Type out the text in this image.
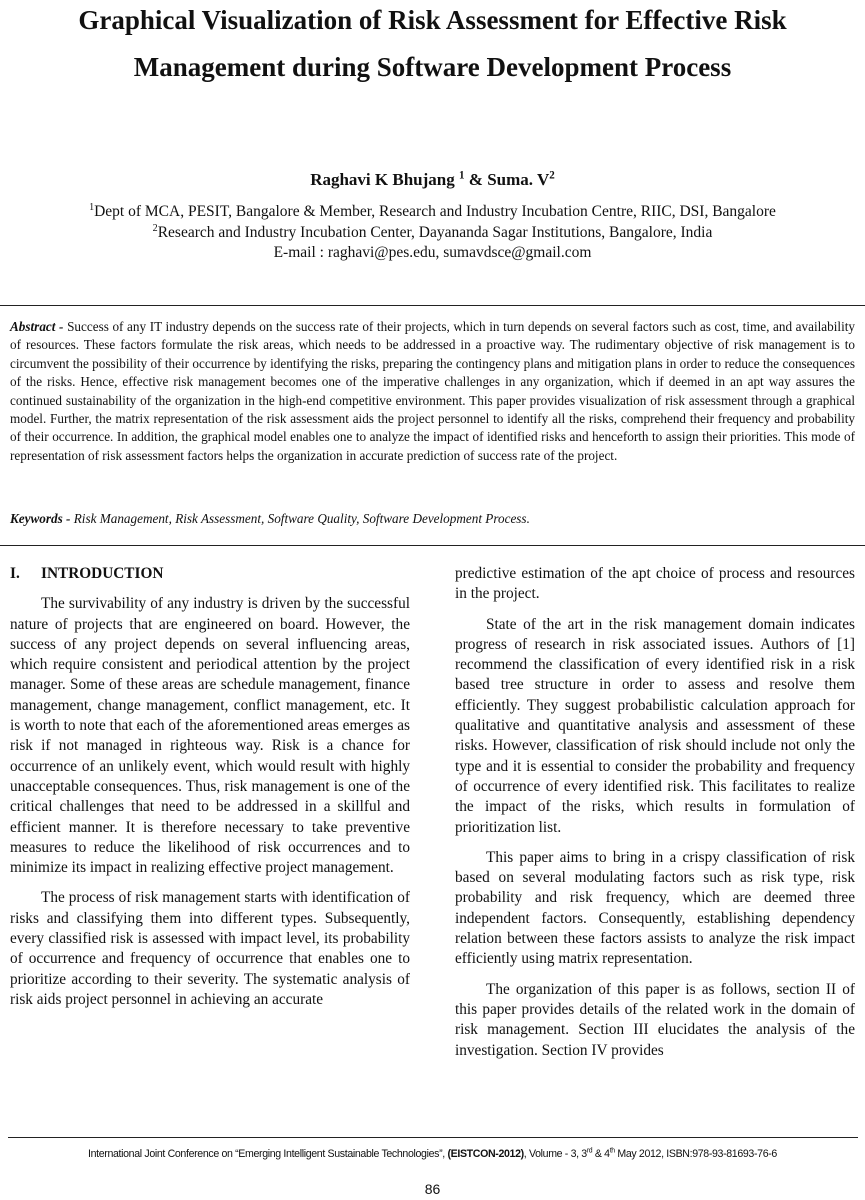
Graphical Visualization of Risk Assessment for Effective Risk
Management during Software Development Process
Raghavi K Bhujang $^1$ & Suma. $V^2$
$^1$Dept of MCA, PESIT, Bangalore & Member, Research and Industry Incubation Centre, RIIC, DSI, Bangalore
$^2$Research and Industry Incubation Center, Dayananda Sagar Institutions, Bangalore, India
E-mail : raghavi@pes.edu, sumavdsce@gmail.com

Abstract - Success of any IT industry depends on the success rate of their projects, which in turn depends on several factors such as cost, time, and availability of resources. These factors formulate the risk areas, which needs to be addressed in a proactive way. The rudimentary objective of risk management is to circumvent the possibility of their occurrence by identifying the risks, preparing the contingency plans and mitigation plans in order to reduce the consequences of the risks. Hence, effective risk management becomes one of the imperative challenges in any organization, which if deemed in an apt way assures the continued sustainability of the organization in the high-end competitive environment. This paper provides visualization of risk assessment through a graphical model. Further, the matrix representation of the risk assessment aids the project personnel to identify all the risks, comprehend their frequency and probability of their occurrence. In addition, the graphical model enables one to analyze the impact of identified risks and henceforth to assign their priorities. This mode of representation of risk assessment factors helps the organization in accurate prediction of success rate of the project.

Keywords - Risk Management, Risk Assessment, Software Quality, Software Development Process.

I. INTRODUCTION

The survivability of any industry is driven by the successful nature of projects that are engineered on board. However, the success of any project depends on several influencing areas, which require consistent and periodical attention by the project manager. Some of these areas are schedule management, finance management, change management, conflict management, etc. It is worth to note that each of the aforementioned areas emerges as risk if not managed in righteous way. Risk is a chance for occurrence of an unlikely event, which would result with highly unacceptable consequences. Thus, risk management is one of the critical challenges that need to be addressed in a skillful and efficient manner. It is therefore necessary to take preventive measures to reduce the likelihood of risk occurrences and to minimize its impact in realizing effective project management.

The process of risk management starts with identification of risks and classifying them into different types. Subsequently, every classified risk is assessed with impact level, its probability of occurrence and frequency of occurrence that enables one to prioritize according to their severity. The systematic analysis of risk aids project personnel in achieving an accurate

predictive estimation of the apt choice of process and resources in the project.

State of the art in the risk management domain indicates progress of research in risk associated issues. Authors of [1] recommend the classification of every identified risk in a risk based tree structure in order to assess and resolve them efficiently. They suggest probabilistic calculation approach for qualitative and quantitative analysis and assessment of these risks. However, classification of risk should include not only the type and it is essential to consider the probability and frequency of occurrence of every identified risk. This facilitates to realize the impact of the risks, which results in formulation of prioritization list.

This paper aims to bring in a crispy classification of risk based on several modulating factors such as risk type, risk probability and risk frequency, which are deemed three independent factors. Consequently, establishing dependency relation between these factors assists to analyze the risk impact efficiently using matrix representation.

The organization of this paper is as follows, section II of this paper provides details of the related work in the domain of risk management. Section III elucidates the analysis of the investigation. Section IV provides

International Joint Conference on “Emerging Intelligent Sustainable Technologies”, (EISTCON-2012), Volume - 3, 3rd & 4th May 2012, ISBN:978-93-81693-76-6
86
